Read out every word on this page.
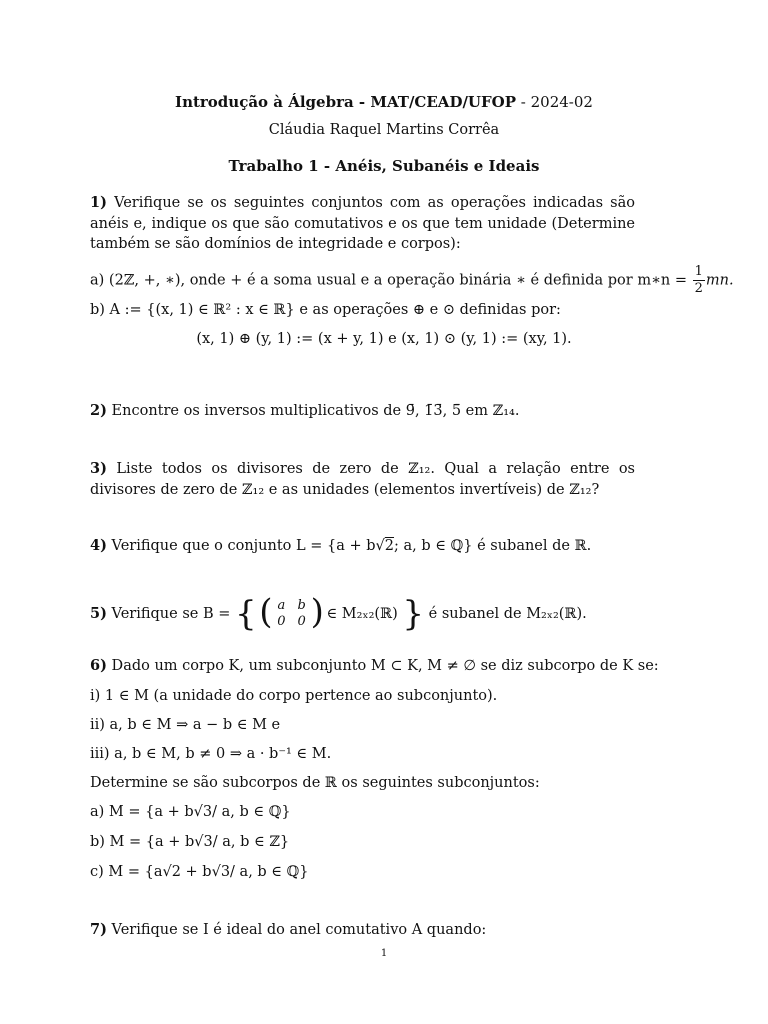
Introdução à Álgebra - MAT/CEAD/UFOP - 2024-02
Cláudia Raquel Martins Corrêa
Trabalho 1 - Anéis, Subanéis e Ideais
1) Verifique se os seguintes conjuntos com as operações indicadas são anéis e, indique os que são comutativos e os que tem unidade (Determine também se são domínios de integridade e corpos):
a) (2ℤ, +, ∗), onde + é a soma usual e a operação binária ∗ é definida por m∗n = $\frac{1}{2}$ mn.
b) A := {(x, 1) ∈ ℝ² : x ∈ ℝ} e as operações ⊕ e ⊙ definidas por:
(x, 1) ⊕ (y, 1) := (x + y, 1) e (x, 1) ⊙ (y, 1) := (xy, 1).
2) Encontre os inversos multiplicativos de 9̄, 1̄3̄, 5̄ em ℤ₁₄.
3) Liste todos os divisores de zero de ℤ₁₂. Qual a relação entre os divisores de zero de ℤ₁₂ e as unidades (elementos invertíveis) de ℤ₁₂?
4) Verifique que o conjunto L = {a + b√2; a, b ∈ ℚ} é subanel de ℝ.
5) Verifique se B = { ( a	b
0	0 ) ∈ M₂ₓ₂(ℝ) } é subanel de M₂ₓ₂(ℝ).
6) Dado um corpo K, um subconjunto M ⊂ K, M ≠ ∅ se diz subcorpo de K se:
i) 1 ∈ M (a unidade do corpo pertence ao subconjunto).
ii) a, b ∈ M ⇒ a − b ∈ M e
iii) a, b ∈ M, b ≠ 0 ⇒ a · b⁻¹ ∈ M.
Determine se são subcorpos de ℝ os seguintes subconjuntos:
a) M = {a + b√3/ a, b ∈ ℚ}
b) M = {a + b√3/ a, b ∈ ℤ}
c) M = {a√2 + b√3/ a, b ∈ ℚ}
7) Verifique se I é ideal do anel comutativo A quando:
1
